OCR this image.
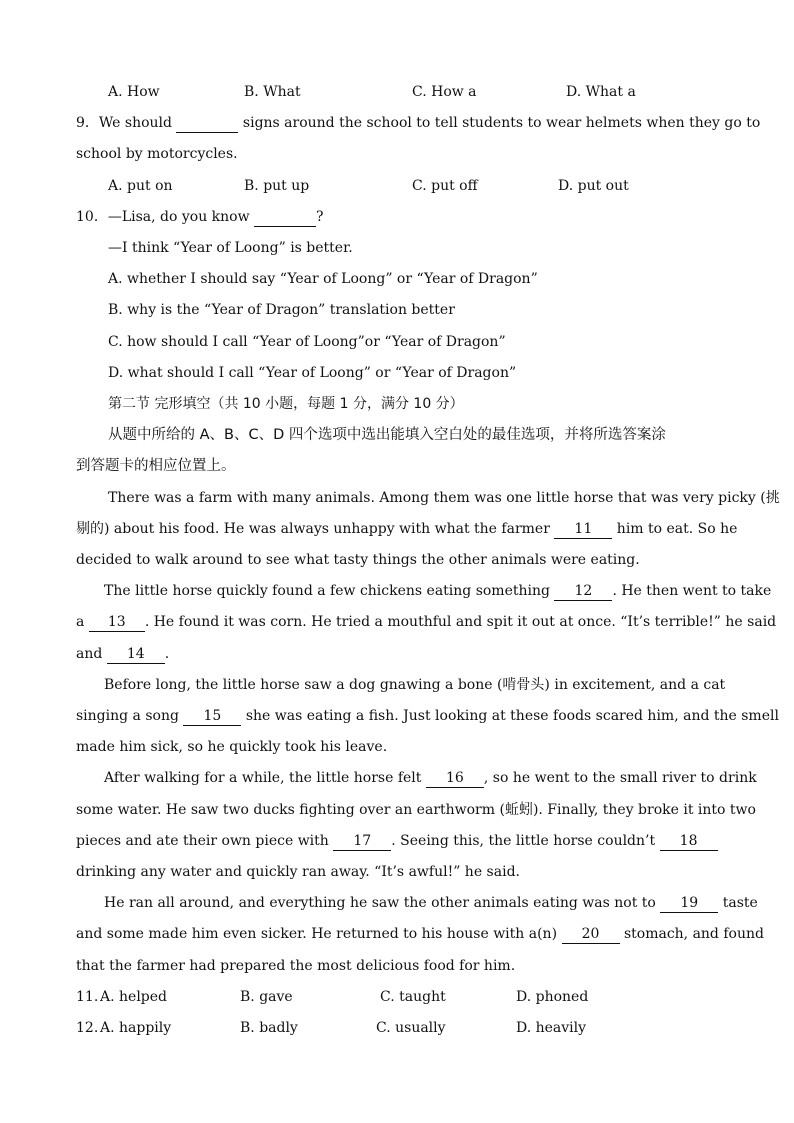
A. How	B. What	C. How a	D. What a
9．We should	signs around the school to tell students to wear helmets when they go to
school by motorcycles.
A. put on	B. put up	C. put off	D. put out
10．—Lisa, do you know	?
—I think “Year of Loong” is better.
A. whether I should say “Year of Loong” or “Year of Dragon”
B. why is the “Year of Dragon” translation better
C. how should I call “Year of Loong”or “Year of Dragon”
D. what should I call “Year of Loong” or “Year of Dragon”
第二节 完形填空（共 10 小题，每题 1 分，满分 10 分）
从题中所给的 A、B、C、D 四个选项中选出能填入空白处的最佳选项，并将所选答案涂
到答题卡的相应位置上。
There was a farm with many animals. Among them was one little horse that was very picky (挑
剔的) about his food. He was always unhappy with what the farmer 11 him to eat. So he
decided to walk around to see what tasty things the other animals were eating.
The little horse quickly found a few chickens eating something 12 . He then went to take
a 13 . He found it was corn. He tried a mouthful and spit it out at once. “It’s terrible!” he said
and 14 .
Before long, the little horse saw a dog gnawing a bone (啃骨头) in excitement, and a cat
singing a song 15 she was eating a fish. Just looking at these foods scared him, and the smell
made him sick, so he quickly took his leave.
After walking for a while, the little horse felt 16 , so he went to the small river to drink
some water. He saw two ducks fighting over an earthworm (蚯蚓). Finally, they broke it into two
pieces and ate their own piece with 17 . Seeing this, the little horse couldn’t 18
drinking any water and quickly ran away. “It’s awful!” he said.
He ran all around, and everything he saw the other animals eating was not to 19 taste
and some made him even sicker. He returned to his house with a(n) 20 stomach, and found
that the farmer had prepared the most delicious food for him.
11. A. helped	B. gave	C. taught	D. phoned
12. A. happily	B. badly	C. usually	D. heavily
